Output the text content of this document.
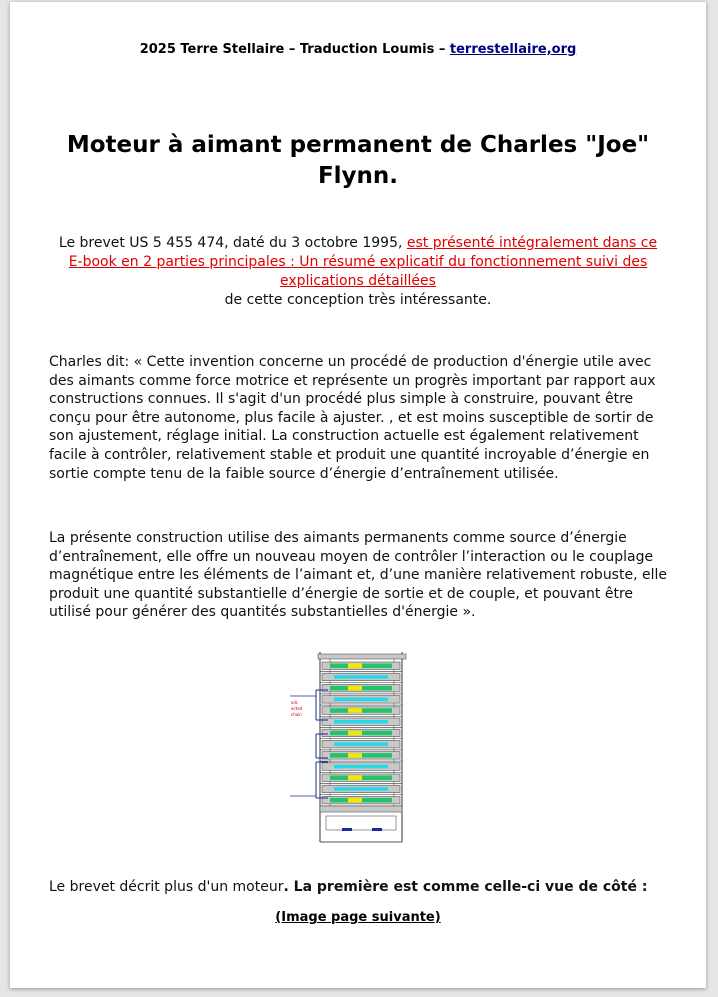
2025 Terre Stellaire – Traduction Loumis – terrestellaire,org
Moteur à aimant permanent de Charles "Joe" Flynn.
Le brevet US 5 455 474, daté du 3 octobre 1995, est présenté intégralement dans ce E-book en 2 parties principales : Un résumé explicatif du fonctionnement suivi des explications détaillées
de cette conception très intéressante.
Charles dit: « Cette invention concerne un procédé de production d'énergie utile avec des aimants comme force motrice et représente un progrès important par rapport aux constructions connues. Il s'agit d'un procédé plus simple à construire, pouvant être conçu pour être autonome, plus facile à ajuster. , et est moins susceptible de sortir de son ajustement, réglage initial. La construction actuelle est également relativement facile à contrôler, relativement stable et produit une quantité incroyable d’énergie en sortie compte tenu de la faible source d’énergie d’entraînement utilisée.
La présente construction utilise des aimants permanents comme source d’énergie d’entraînement, elle offre un nouveau moyen de contrôler l’interaction ou le couplage magnétique entre les éléments de l’aimant et, d’une manière relativement robuste, elle produit une quantité substantielle d’énergie de sortie et de couple, et pouvant être utilisé pour générer des quantités substantielles d'énergie ».
ails
ected
chain
Le brevet décrit plus d'un moteur. La première est comme celle-ci vue de côté :
(Image page suivante)
